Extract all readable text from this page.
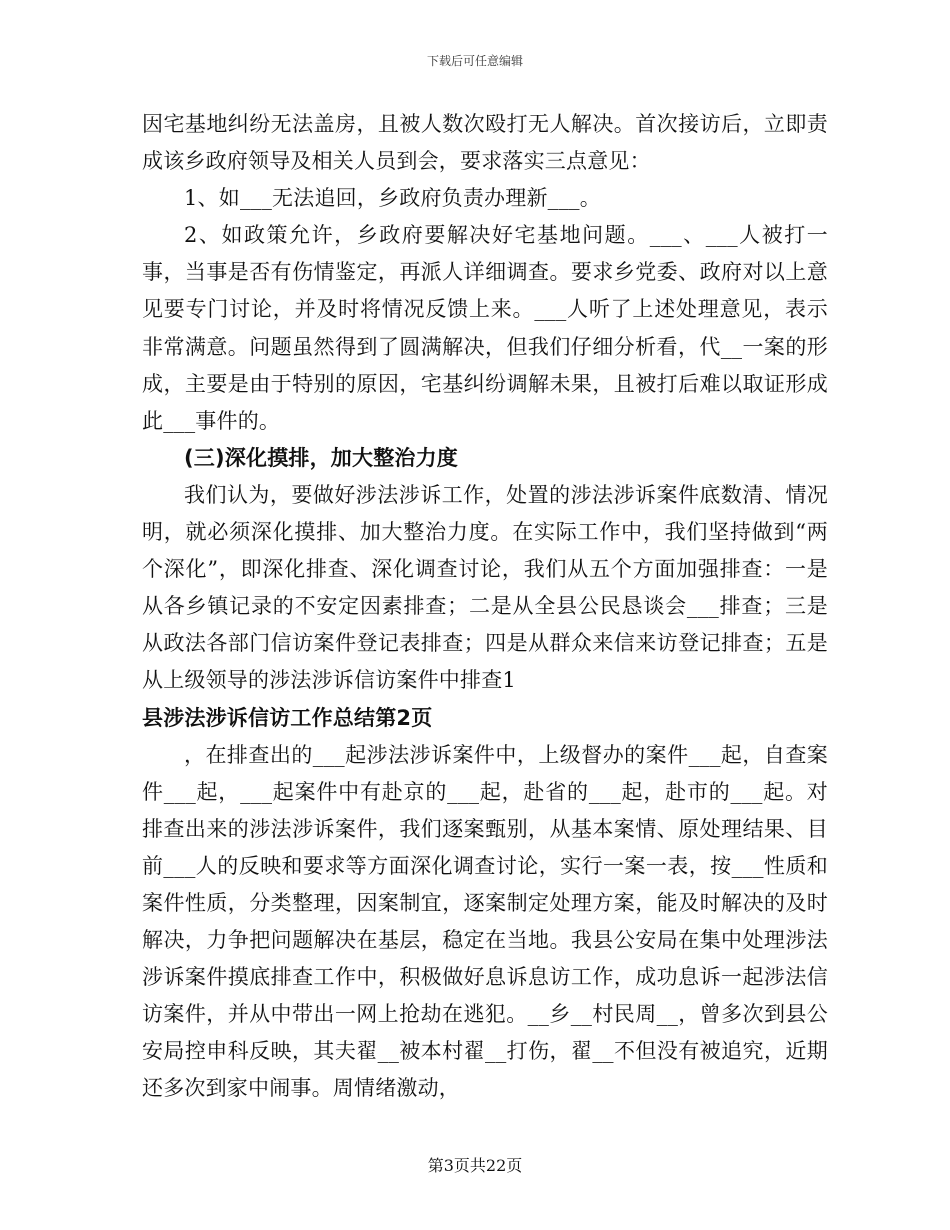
下载后可任意编辑

因宅基地纠纷无法盖房，且被人数次殴打无人解决。首次接访后，立即责成该乡政府领导及相关人员到会，要求落实三点意见：

1、如___无法追回，乡政府负责办理新___。

2、如政策允许，乡政府要解决好宅基地问题。___、___人被打一事，当事是否有伤情鉴定，再派人详细调查。要求乡党委、政府对以上意见要专门讨论，并及时将情况反馈上来。___人听了上述处理意见，表示非常满意。问题虽然得到了圆满解决，但我们仔细分析看，代__一案的形成，主要是由于特别的原因，宅基纠纷调解未果，且被打后难以取证形成此___事件的。

(三)深化摸排，加大整治力度

我们认为，要做好涉法涉诉工作，处置的涉法涉诉案件底数清、情况明，就必须深化摸排、加大整治力度。在实际工作中，我们坚持做到“两个深化”，即深化排查、深化调查讨论，我们从五个方面加强排查：一是从各乡镇记录的不安定因素排查；二是从全县公民恳谈会___排查；三是从政法各部门信访案件登记表排查；四是从群众来信来访登记排查；五是从上级领导的涉法涉诉信访案件中排查1

县涉法涉诉信访工作总结第2页

，在排查出的___起涉法涉诉案件中，上级督办的案件___起，自查案件___起，___起案件中有赴京的___起，赴省的___起，赴市的___起。对排查出来的涉法涉诉案件，我们逐案甄别，从基本案情、原处理结果、目前___人的反映和要求等方面深化调查讨论，实行一案一表，按___性质和案件性质，分类整理，因案制宜，逐案制定处理方案，能及时解决的及时解决，力争把问题解决在基层，稳定在当地。我县公安局在集中处理涉法涉诉案件摸底排查工作中，积极做好息诉息访工作，成功息诉一起涉法信访案件，并从中带出一网上抢劫在逃犯。__乡__村民周__，曾多次到县公安局控申科反映，其夫翟__被本村翟__打伤，翟__不但没有被追究，近期还多次到家中闹事。周情绪激动，

第3页共22页
